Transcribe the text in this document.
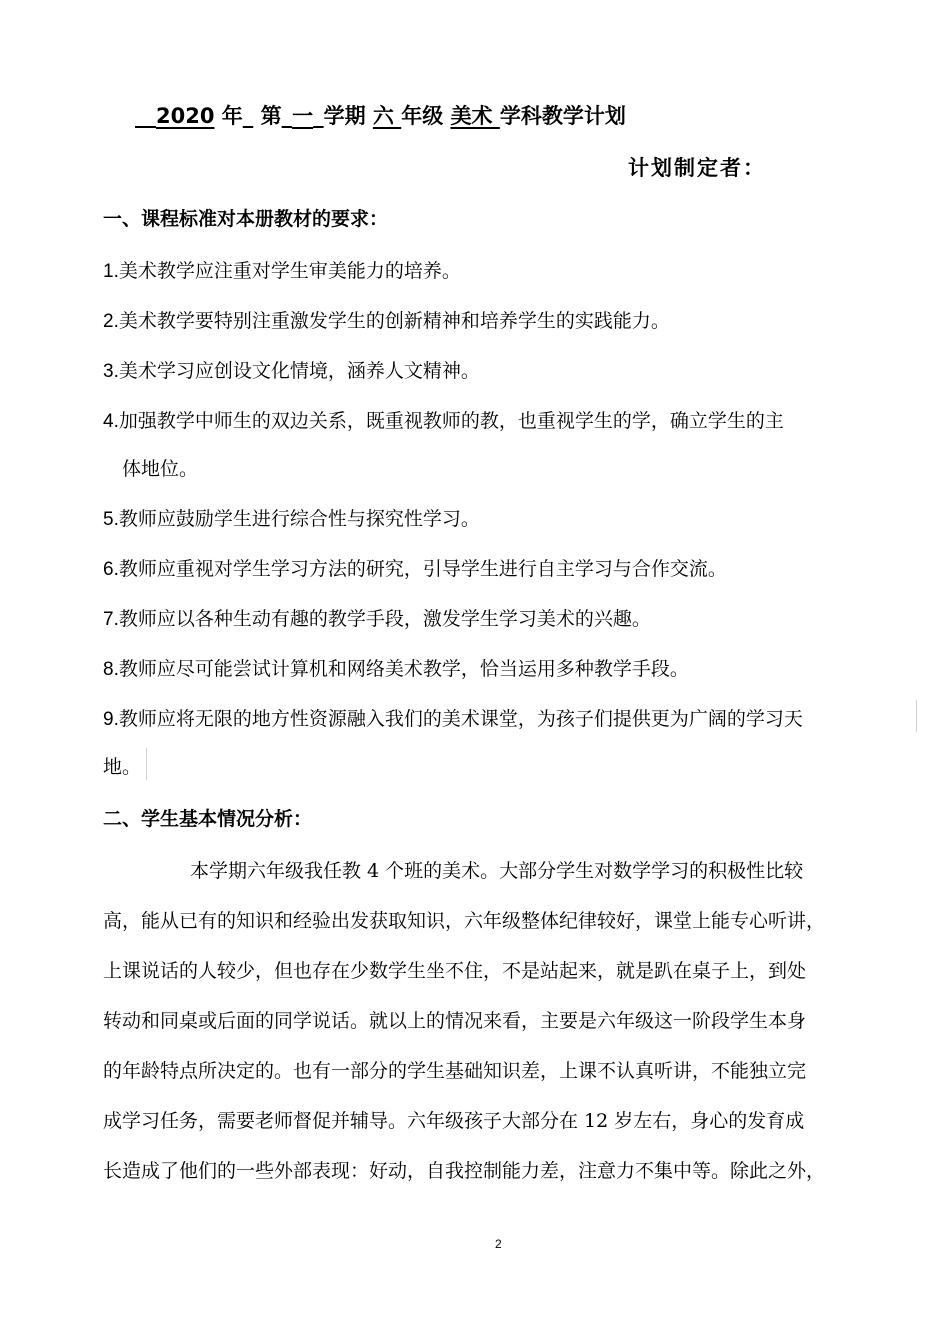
__2020 年_ 第_一_学期 六 年级 美术 学科教学计划
计划制定者：
一、课程标准对本册教材的要求：
1.美术教学应注重对学生审美能力的培养。
2.美术教学要特别注重激发学生的创新精神和培养学生的实践能力。
3.美术学习应创设文化情境，涵养人文精神。
4.加强教学中师生的双边关系，既重视教师的教，也重视学生的学，确立学生的主
体地位。
5.教师应鼓励学生进行综合性与探究性学习。
6.教师应重视对学生学习方法的研究，引导学生进行自主学习与合作交流。
7.教师应以各种生动有趣的教学手段，激发学生学习美术的兴趣。
8.教师应尽可能尝试计算机和网络美术教学，恰当运用多种教学手段。
9.教师应将无限的地方性资源融入我们的美术课堂，为孩子们提供更为广阔的学习天
地。
二、学生基本情况分析：
本学期六年级我任教 4 个班的美术。大部分学生对数学学习的积极性比较
高，能从已有的知识和经验出发获取知识，六年级整体纪律较好，课堂上能专心听讲，
上课说话的人较少，但也存在少数学生坐不住，不是站起来，就是趴在桌子上，到处
转动和同桌或后面的同学说话。就以上的情况来看，主要是六年级这一阶段学生本身
的年龄特点所决定的。也有一部分的学生基础知识差，上课不认真听讲，不能独立完
成学习任务，需要老师督促并辅导。六年级孩子大部分在 12 岁左右，身心的发育成
长造成了他们的一些外部表现：好动，自我控制能力差，注意力不集中等。除此之外，
2
